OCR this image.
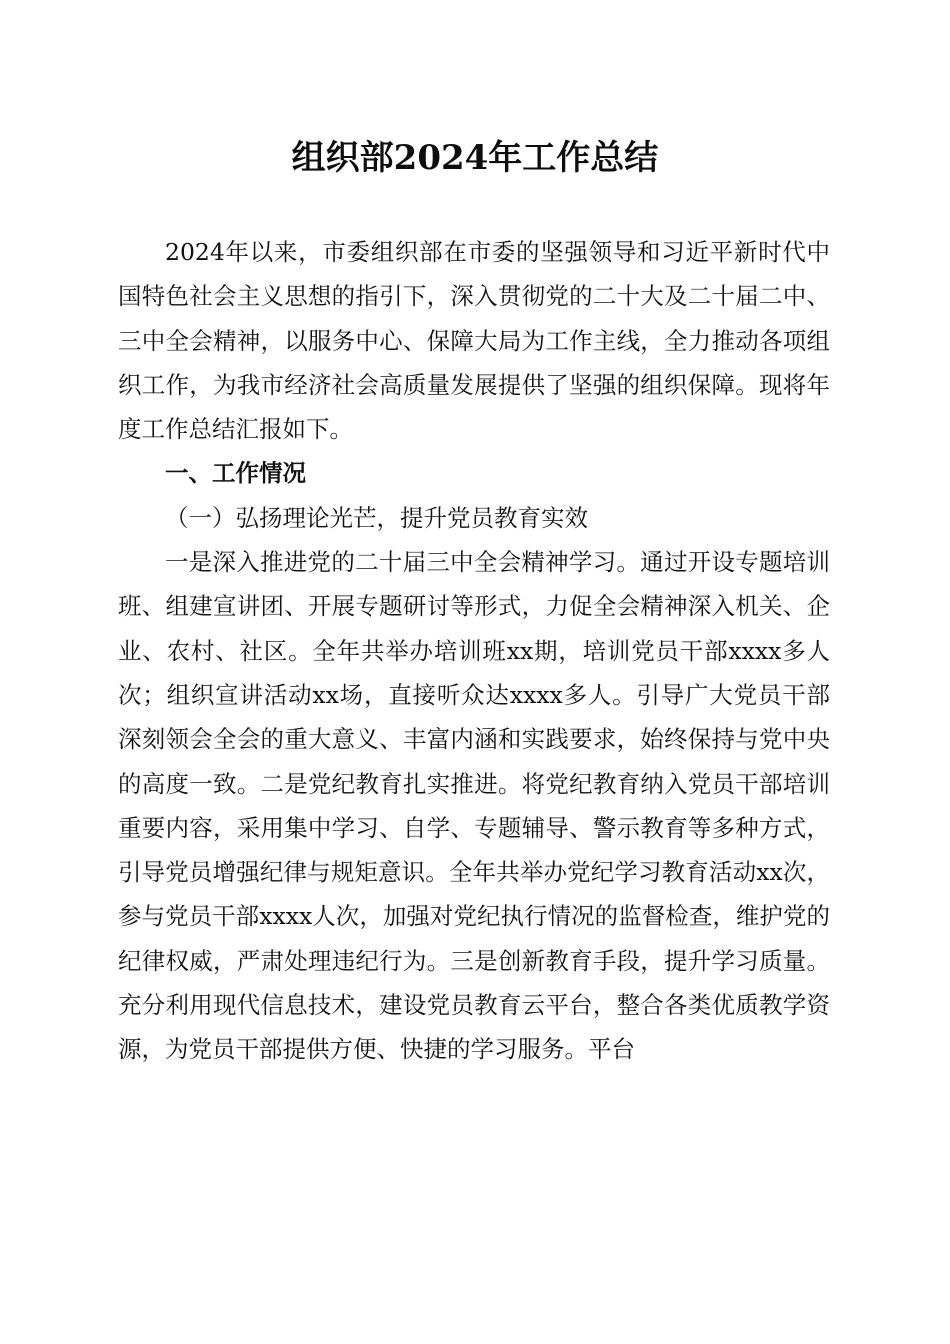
组织部2024年工作总结

2024年以来，市委组织部在市委的坚强领导和习近平新时代中国特色社会主义思想的指引下，深入贯彻党的二十大及二十届二中、三中全会精神，以服务中心、保障大局为工作主线，全力推动各项组织工作，为我市经济社会高质量发展提供了坚强的组织保障。现将年度工作总结汇报如下。

一、工作情况

（一）弘扬理论光芒，提升党员教育实效

一是深入推进党的二十届三中全会精神学习。通过开设专题培训班、组建宣讲团、开展专题研讨等形式，力促全会精神深入机关、企业、农村、社区。全年共举办培训班xx期，培训党员干部xxxx多人次；组织宣讲活动xx场，直接听众达xxxx多人。引导广大党员干部深刻领会全会的重大意义、丰富内涵和实践要求，始终保持与党中央的高度一致。二是党纪教育扎实推进。将党纪教育纳入党员干部培训重要内容，采用集中学习、自学、专题辅导、警示教育等多种方式，引导党员增强纪律与规矩意识。全年共举办党纪学习教育活动xx次，参与党员干部xxxx人次，加强对党纪执行情况的监督检查，维护党的纪律权威，严肃处理违纪行为。三是创新教育手段，提升学习质量。充分利用现代信息技术，建设党员教育云平台，整合各类优质教学资源，为党员干部提供方便、快捷的学习服务。平台
